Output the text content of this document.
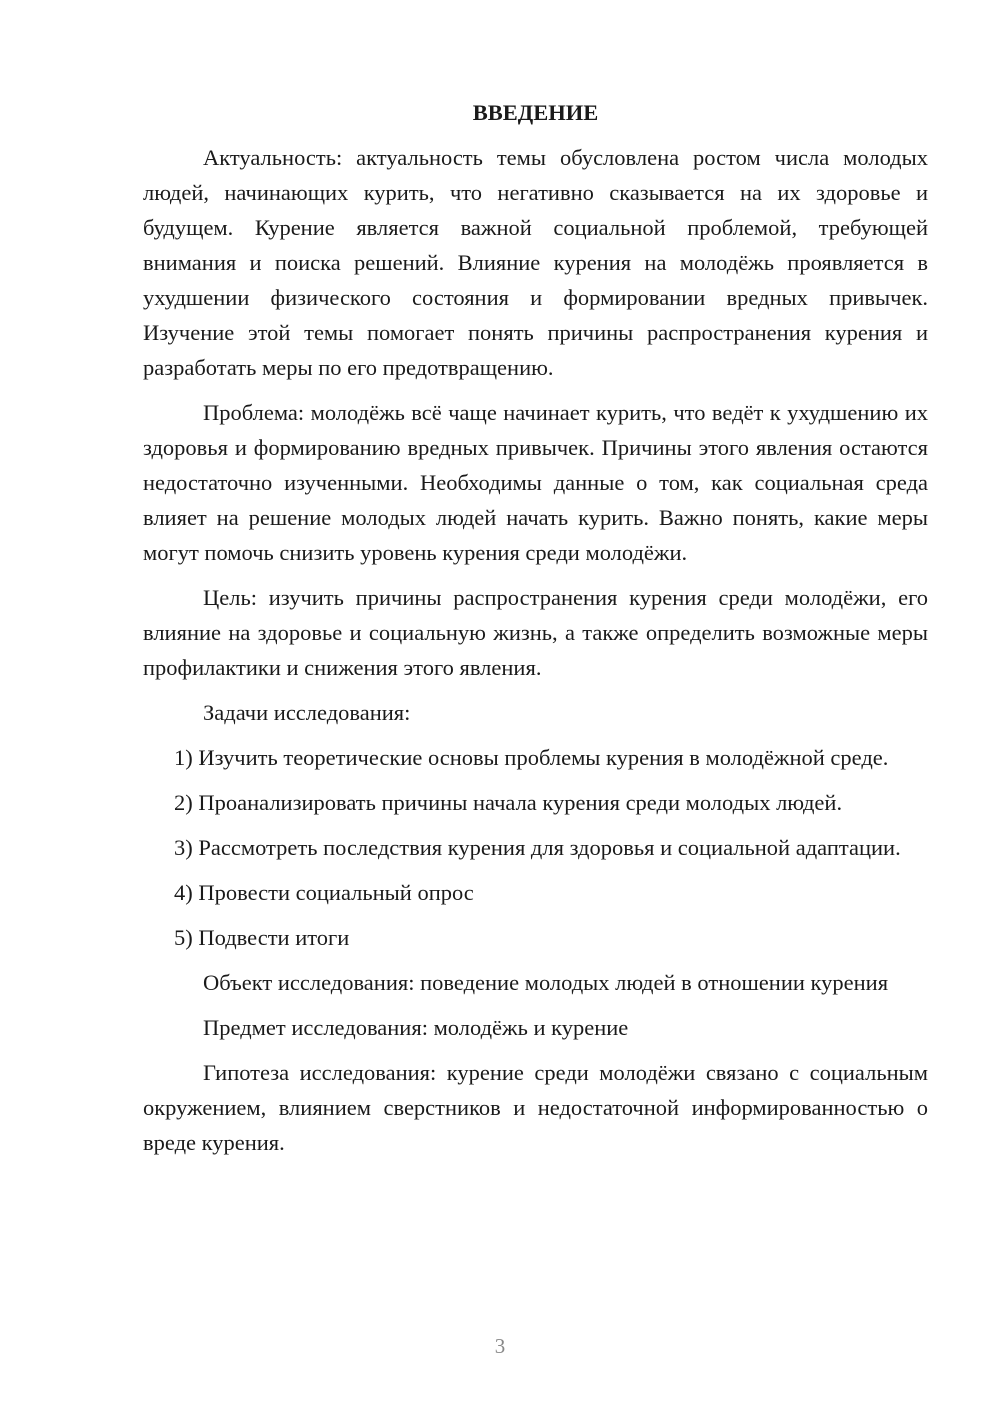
ВВЕДЕНИЕ

Актуальность: актуальность темы обусловлена ростом числа молодых людей, начинающих курить, что негативно сказывается на их здоровье и будущем. Курение является важной социальной проблемой, требующей внимания и поиска решений. Влияние курения на молодёжь проявляется в ухудшении физического состояния и формировании вредных привычек. Изучение этой темы помогает понять причины распространения курения и разработать меры по его предотвращению.

Проблема: молодёжь всё чаще начинает курить, что ведёт к ухудшению их здоровья и формированию вредных привычек. Причины этого явления остаются недостаточно изученными. Необходимы данные о том, как социальная среда влияет на решение молодых людей начать курить. Важно понять, какие меры могут помочь снизить уровень курения среди молодёжи.

Цель: изучить причины распространения курения среди молодёжи, его влияние на здоровье и социальную жизнь, а также определить возможные меры профилактики и снижения этого явления.

Задачи исследования:

1) Изучить теоретические основы проблемы курения в молодёжной среде.

2) Проанализировать причины начала курения среди молодых людей.

3) Рассмотреть последствия курения для здоровья и социальной адаптации.

4) Провести социальный опрос

5) Подвести итоги

Объект исследования: поведение молодых людей в отношении курения

Предмет исследования: молодёжь и курение

Гипотеза исследования: курение среди молодёжи связано с социальным окружением, влиянием сверстников и недостаточной информированностью о вреде курения.

3
